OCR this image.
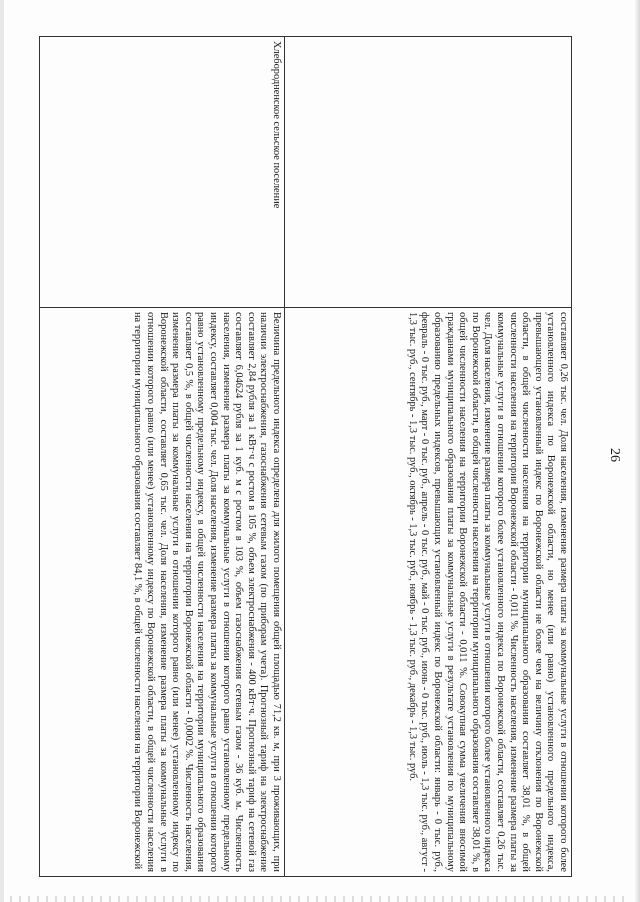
26
	составляет 0,26 тыс. чел. Доля населения, изменение размера платы за коммунальные услуги в отношении которого более установленного индекса по Воронежской области, но менее (или равно) установленного предельного индекса, превышающего установленный индекс по Воронежской области не более чем на величину отклонения по Воронежской области, в общей численности населения на территории муниципального образования составляет 38,01 %, в общей численности населения на территории Воронежской области - 0,011 %. Численность населения, изменение размера платы за коммунальные услуги в отношении которого более установленного индекса по Воронежской области, составляет 0,26 тыс. чел. Доля населения, изменение размера платы за коммунальные услуги в отношении которого более установленного индекса по Воронежской области, в общей численности населения на территории муниципального образования составляет 38,01 %, в общей численности населения на территории Воронежской области - 0,011 %. Совокупная сумма увеличения вносимой гражданами муниципального образования платы за коммунальные услуги в результате установления по муниципальному образованию предельных индексов, превышающих установленный индекс по Воронежской области: январь - 0 тыс. руб., февраль - 0 тыс. руб., март - 0 тыс. руб., апрель - 0 тыс. руб., май - 0 тыс. руб., июнь - 0 тыс. руб., июль - 1,3 тыс. руб., август - 1,3 тыс. руб., сентябрь - 1,3 тыс. руб., октябрь - 1,3 тыс. руб., ноябрь - 1,3 тыс. руб., декабрь - 1,3 тыс. руб.
Хлебородненское сельское поселение	Величина предельного индекса определена для жилого помещения общей площадью 71,2 кв. м, при 3 проживающих, при наличии электроснабжения, газоснабжения сетевым газом (по приборам учета). Прогнозный тариф на электроснабжение составляет 2,84 рубля за 1 кВт·ч с ростом в 105 %, объем электроснабжения - 400 кВт·ч. Прогнозный тариф на сетевой газ составляет 6,04624 рубля за 1 куб. м с ростом в 103 %, объем газоснабжения сетевым газом - 36 куб. м. Численность населения, изменение размера платы за коммунальные услуги в отношении которого равно установленному предельному индексу, составляет 0,004 тыс. чел. Доля населения, изменение размера платы за коммунальные услуги в отношении которого равно установленному предельному индексу, в общей численности населения на территории муниципального образования составляет 0,5 %, в общей численности населения на территории Воронежской области - 0,0002 %. Численность населения, изменение размера платы за коммунальные услуги в отношении которого равно (или менее) установленному индексу по Воронежской области, составляет 0,65 тыс. чел. Доля населения, изменение размера платы за коммунальные услуги в отношении которого равно (или менее) установленному индексу по Воронежской области, в общей численности населения на территории муниципального образования составляет 84,1 %, в общей численности населения на территории Воронежской
